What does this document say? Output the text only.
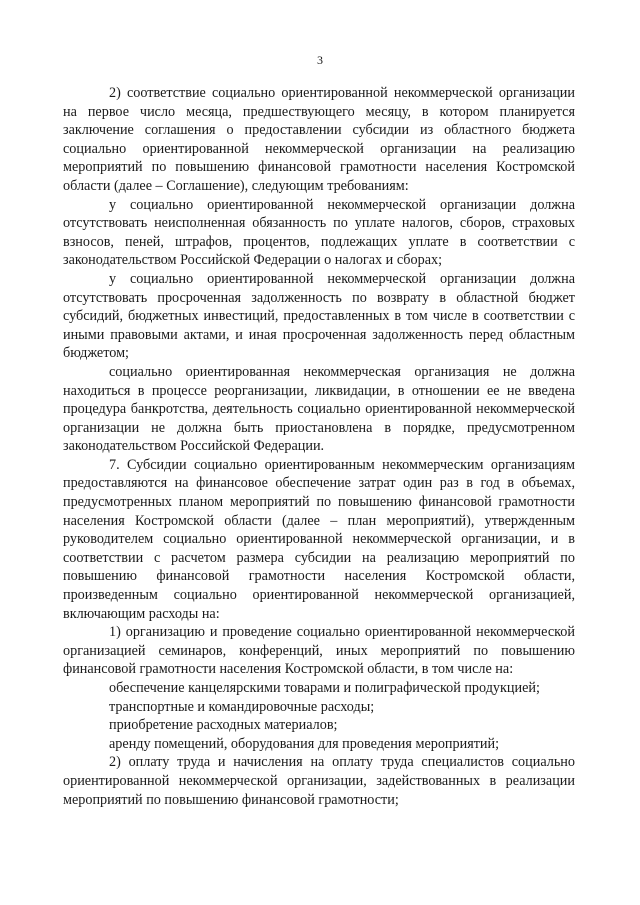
3

2) соответствие социально ориентированной некоммерческой организации на первое число месяца, предшествующего месяцу, в котором планируется заключение соглашения о предоставлении субсидии из областного бюджета социально ориентированной некоммерческой организации на реализацию мероприятий по повышению финансовой грамотности населения Костромской области (далее – Соглашение), следующим требованиям:

у социально ориентированной некоммерческой организации должна отсутствовать неисполненная обязанность по уплате налогов, сборов, страховых взносов, пеней, штрафов, процентов, подлежащих уплате в соответствии с законодательством Российской Федерации о налогах и сборах;

у социально ориентированной некоммерческой организации должна отсутствовать просроченная задолженность по возврату в областной бюджет субсидий, бюджетных инвестиций, предоставленных в том числе в соответствии с иными правовыми актами, и иная просроченная задолженность перед областным бюджетом;

социально ориентированная некоммерческая организация не должна находиться в процессе реорганизации, ликвидации, в отношении ее не введена процедура банкротства, деятельность социально ориентированной некоммерческой организации не должна быть приостановлена в порядке, предусмотренном законодательством Российской Федерации.

7. Субсидии социально ориентированным некоммерческим организациям предоставляются на финансовое обеспечение затрат один раз в год в объемах, предусмотренных планом мероприятий по повышению финансовой грамотности населения Костромской области (далее – план мероприятий), утвержденным руководителем социально ориентированной некоммерческой организации, и в соответствии с расчетом размера субсидии на реализацию мероприятий по повышению финансовой грамотности населения Костромской области, произведенным социально ориентированной некоммерческой организацией, включающим расходы на:

1) организацию и проведение социально ориентированной некоммерческой организацией семинаров, конференций, иных мероприятий по повышению финансовой грамотности населения Костромской области, в том числе на:

обеспечение канцелярскими товарами и полиграфической продукцией;

транспортные и командировочные расходы;

приобретение расходных материалов;

аренду помещений, оборудования для проведения мероприятий;

2) оплату труда и начисления на оплату труда специалистов социально ориентированной некоммерческой организации, задействованных в реализации мероприятий по повышению финансовой грамотности;
